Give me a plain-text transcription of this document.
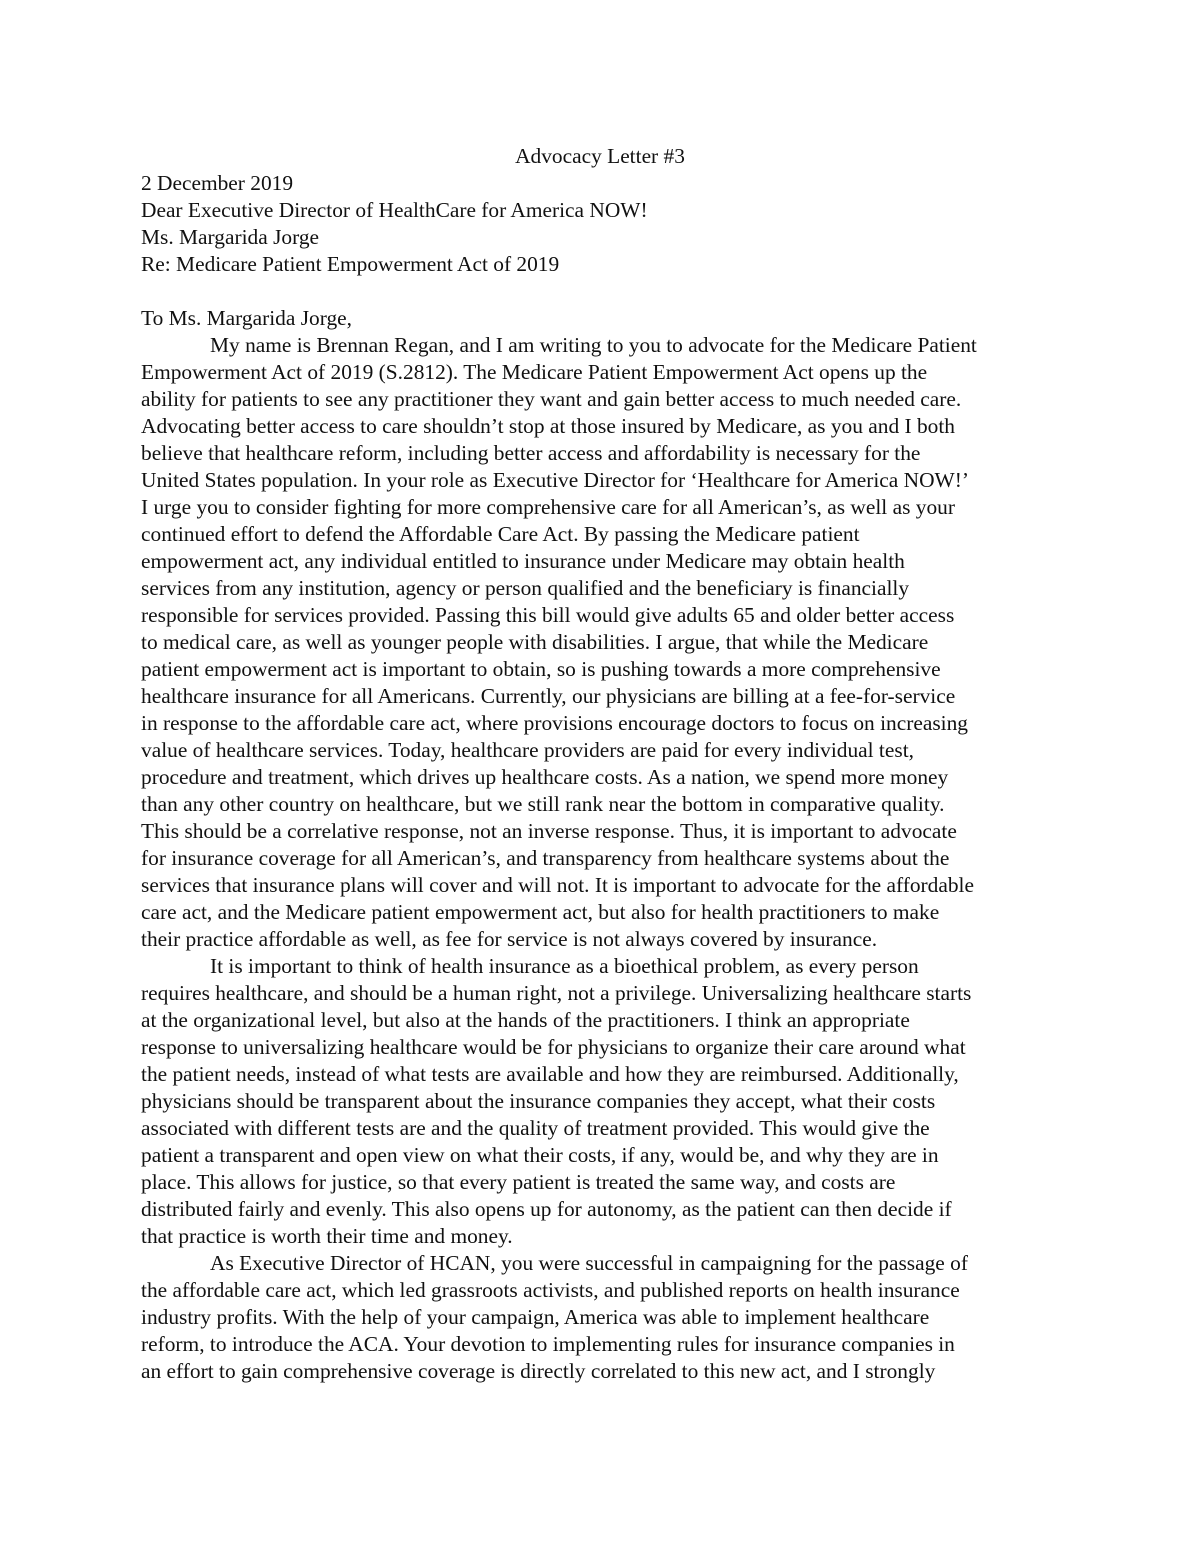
Advocacy Letter #3
2 December 2019
Dear Executive Director of HealthCare for America NOW!
Ms. Margarida Jorge
Re: Medicare Patient Empowerment Act of 2019
To Ms. Margarida Jorge,
My name is Brennan Regan, and I am writing to you to advocate for the Medicare Patient
Empowerment Act of 2019 (S.2812). The Medicare Patient Empowerment Act opens up the
ability for patients to see any practitioner they want and gain better access to much needed care.
Advocating better access to care shouldn’t stop at those insured by Medicare, as you and I both
believe that healthcare reform, including better access and affordability is necessary for the
United States population. In your role as Executive Director for ‘Healthcare for America NOW!’
I urge you to consider fighting for more comprehensive care for all American’s, as well as your
continued effort to defend the Affordable Care Act. By passing the Medicare patient
empowerment act, any individual entitled to insurance under Medicare may obtain health
services from any institution, agency or person qualified and the beneficiary is financially
responsible for services provided. Passing this bill would give adults 65 and older better access
to medical care, as well as younger people with disabilities. I argue, that while the Medicare
patient empowerment act is important to obtain, so is pushing towards a more comprehensive
healthcare insurance for all Americans. Currently, our physicians are billing at a fee-for-service
in response to the affordable care act, where provisions encourage doctors to focus on increasing
value of healthcare services. Today, healthcare providers are paid for every individual test,
procedure and treatment, which drives up healthcare costs. As a nation, we spend more money
than any other country on healthcare, but we still rank near the bottom in comparative quality.
This should be a correlative response, not an inverse response. Thus, it is important to advocate
for insurance coverage for all American’s, and transparency from healthcare systems about the
services that insurance plans will cover and will not. It is important to advocate for the affordable
care act, and the Medicare patient empowerment act, but also for health practitioners to make
their practice affordable as well, as fee for service is not always covered by insurance.
It is important to think of health insurance as a bioethical problem, as every person
requires healthcare, and should be a human right, not a privilege. Universalizing healthcare starts
at the organizational level, but also at the hands of the practitioners. I think an appropriate
response to universalizing healthcare would be for physicians to organize their care around what
the patient needs, instead of what tests are available and how they are reimbursed. Additionally,
physicians should be transparent about the insurance companies they accept, what their costs
associated with different tests are and the quality of treatment provided. This would give the
patient a transparent and open view on what their costs, if any, would be, and why they are in
place. This allows for justice, so that every patient is treated the same way, and costs are
distributed fairly and evenly. This also opens up for autonomy, as the patient can then decide if
that practice is worth their time and money.
As Executive Director of HCAN, you were successful in campaigning for the passage of
the affordable care act, which led grassroots activists, and published reports on health insurance
industry profits. With the help of your campaign, America was able to implement healthcare
reform, to introduce the ACA. Your devotion to implementing rules for insurance companies in
an effort to gain comprehensive coverage is directly correlated to this new act, and I strongly
